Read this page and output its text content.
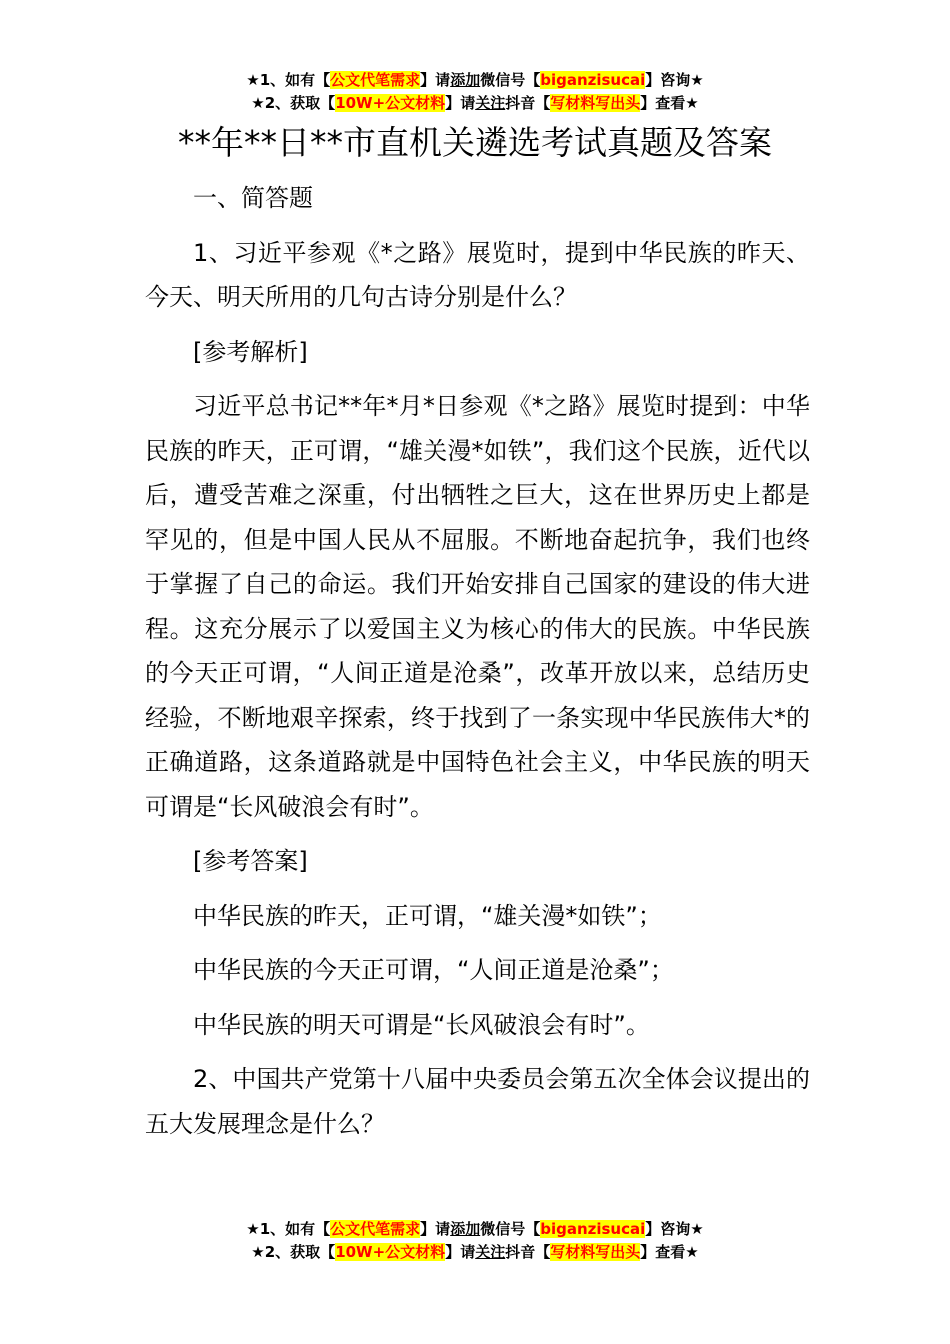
★1、如有【公文代笔需求】请添加微信号【biganzisucai】咨询★
★2、获取【10W+公文材料】请关注抖音【写材料写出头】查看★
**年**日**市直机关遴选考试真题及答案

一、简答题

1、习近平参观《*之路》展览时，提到中华民族的昨天、今天、明天所用的几句古诗分别是什么？

[参考解析]

习近平总书记**年*月*日参观《*之路》展览时提到：中华民族的昨天，正可谓，“雄关漫*如铁”，我们这个民族，近代以后，遭受苦难之深重，付出牺牲之巨大，这在世界历史上都是罕见的，但是中国人民从不屈服。不断地奋起抗争，我们也终于掌握了自己的命运。我们开始安排自己国家的建设的伟大进程。这充分展示了以爱国主义为核心的伟大的民族。中华民族的今天正可谓，“人间正道是沧桑”，改革开放以来，总结历史经验，不断地艰辛探索，终于找到了一条实现中华民族伟大*的正确道路，这条道路就是中国特色社会主义，中华民族的明天可谓是“长风破浪会有时”。

[参考答案]

中华民族的昨天，正可谓，“雄关漫*如铁”；

中华民族的今天正可谓，“人间正道是沧桑”；

中华民族的明天可谓是“长风破浪会有时”。

2、中国共产党第十八届中央委员会第五次全体会议提出的五大发展理念是什么？

★1、如有【公文代笔需求】请添加微信号【biganzisucai】咨询★
★2、获取【10W+公文材料】请关注抖音【写材料写出头】查看★
